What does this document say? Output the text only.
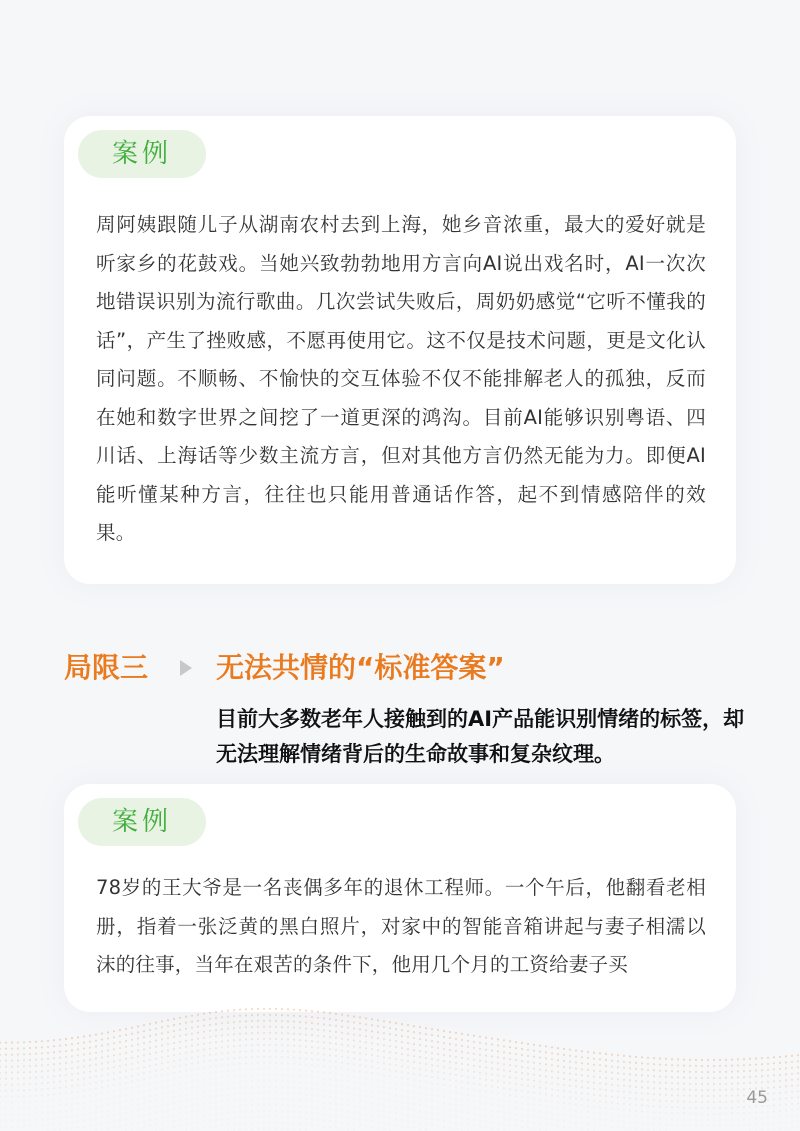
案例
周阿姨跟随儿子从湖南农村去到上海，她乡音浓重，最大的爱好就是听家乡的花鼓戏。当她兴致勃勃地用方言向AI说出戏名时，AI一次次地错误识别为流行歌曲。几次尝试失败后，周奶奶感觉“它听不懂我的话”，产生了挫败感，不愿再使用它。这不仅是技术问题，更是文化认同问题。不顺畅、不愉快的交互体验不仅不能排解老人的孤独，反而在她和数字世界之间挖了一道更深的鸿沟。目前AI能够识别粤语、四川话、上海话等少数主流方言，但对其他方言仍然无能为力。即便AI能听懂某种方言，往往也只能用普通话作答，起不到情感陪伴的效果。
局限三 无法共情的“标准答案”
目前大多数老年人接触到的AI产品能识别情绪的标签，却无法理解情绪背后的生命故事和复杂纹理。
案例
78岁的王大爷是一名丧偶多年的退休工程师。一个午后，他翻看老相册，指着一张泛黄的黑白照片，对家中的智能音箱讲起与妻子相濡以沫的往事，当年在艰苦的条件下，他用几个月的工资给妻子买
45
